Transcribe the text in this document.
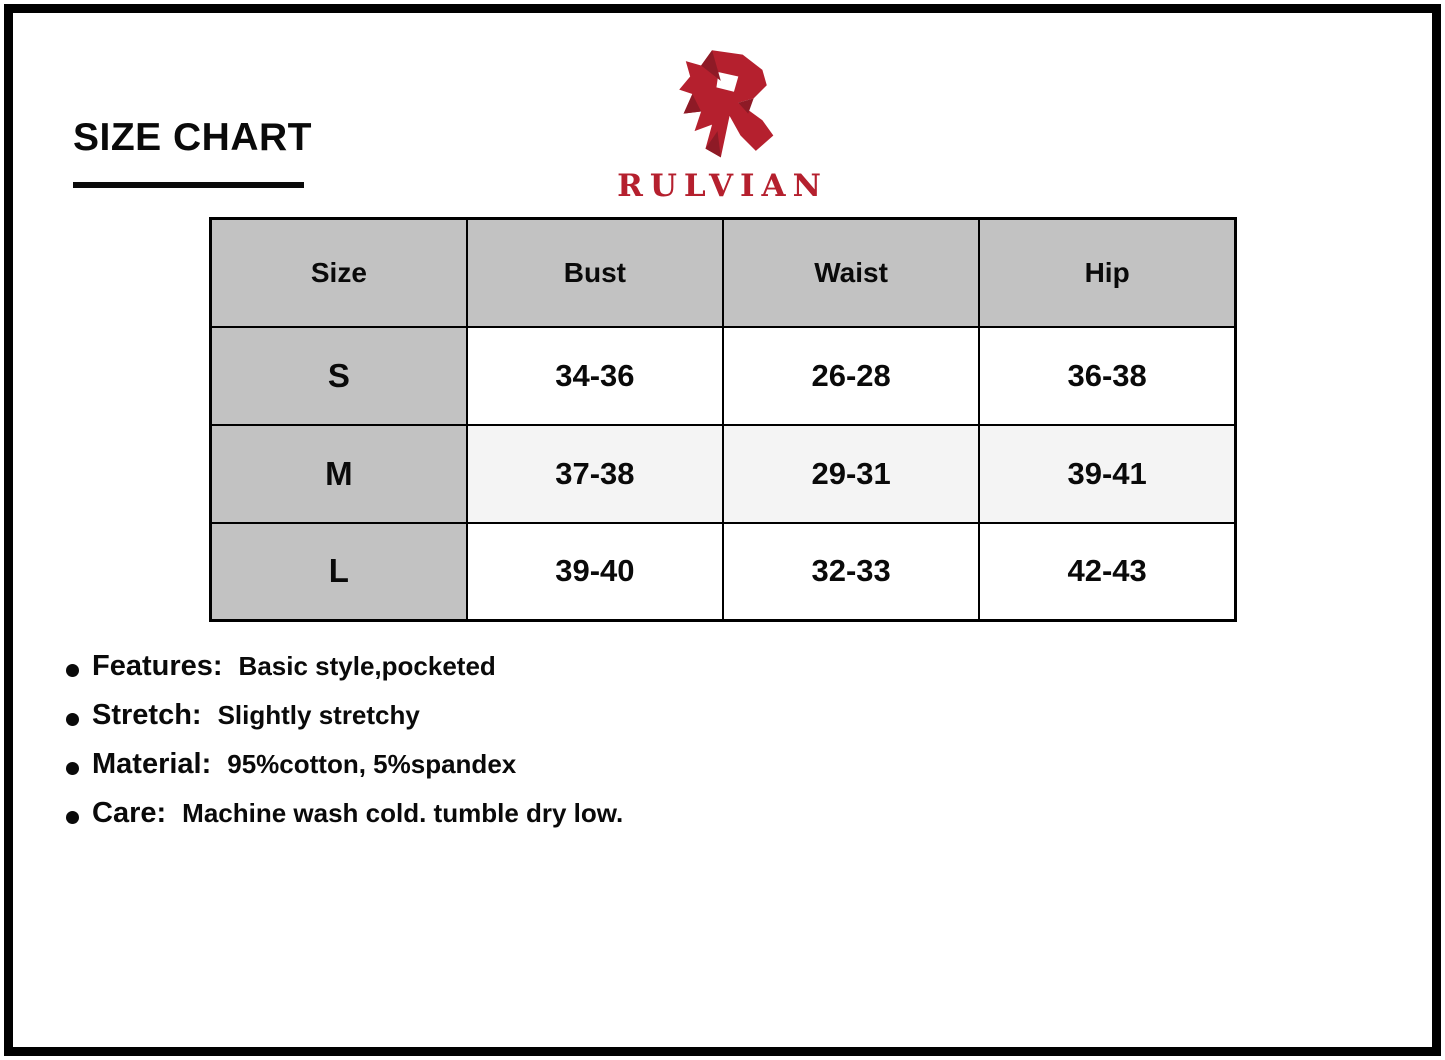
SIZE CHART
RULVIAN
Size	Bust	Waist	Hip
S	34-36	26-28	36-38
M	37-38	29-31	39-41
L	39-40	32-33	42-43
Features: Basic style,pocketed
Stretch: Slightly stretchy
Material: 95%cotton, 5%spandex
Care: Machine wash cold. tumble dry low.
